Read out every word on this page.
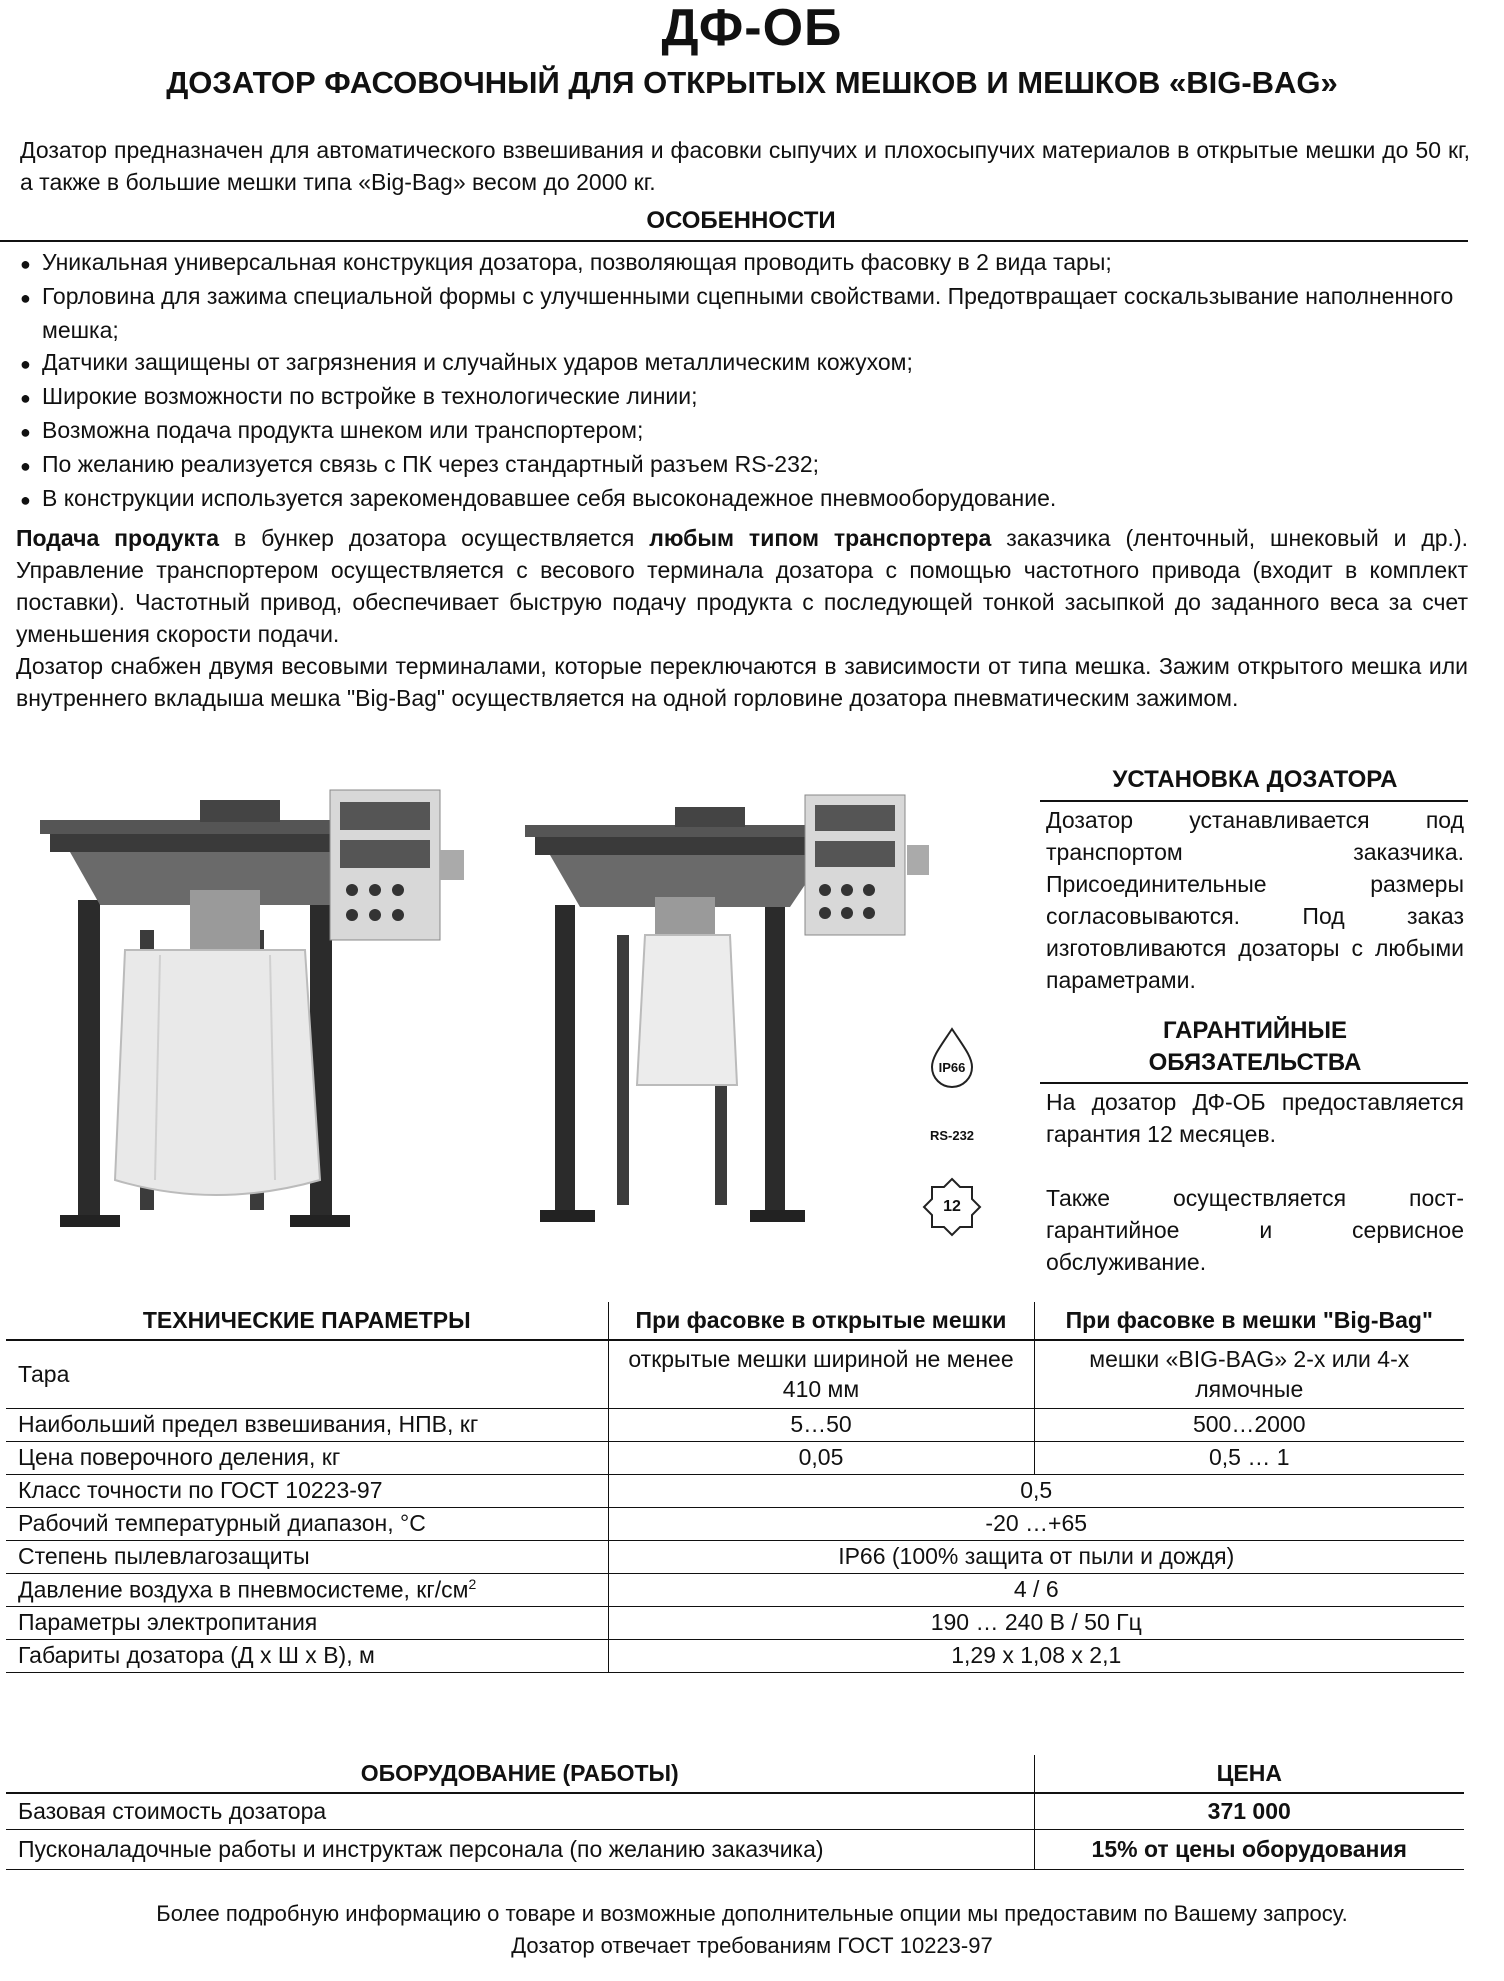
ДФ-ОБ
ДОЗАТОР ФАСОВОЧНЫЙ ДЛЯ ОТКРЫТЫХ МЕШКОВ И МЕШКОВ «BIG-BAG»
Дозатор предназначен для автоматического взвешивания и фасовки сыпучих и плохосыпучих материалов в открытые мешки до 50 кг, а также в большие мешки типа «Big-Bag» весом до 2000 кг.
ОСОБЕННОСТИ
● Уникальная универсальная конструкция дозатора, позволяющая проводить фасовку в 2 вида тары;
● Горловина для зажима специальной формы с улучшенными сцепными свойствами. Предотвращает соскальзывание наполненного мешка;
● Датчики защищены от загрязнения и случайных ударов металлическим кожухом;
● Широкие возможности по встройке в технологические линии;
● Возможна подача продукта шнеком или транспортером;
● По желанию реализуется связь с ПК через стандартный разъем RS-232;
● В конструкции используется зарекомендовавшее себя высоконадежное пневмооборудование.
Подача продукта в бункер дозатора осуществляется любым типом транспортера заказчика (ленточный, шнековый и др.). Управление транспортером осуществляется с весового терминала дозатора с помощью частотного привода (входит в комплект поставки). Частотный привод, обеспечивает быструю подачу продукта с последующей тонкой засыпкой до заданного веса за счет уменьшения скорости подачи.
Дозатор снабжен двумя весовыми терминалами, которые переключаются в зависимости от типа мешка. Зажим открытого мешка или внутреннего вкладыша мешка "Big-Bag" осуществляется на одной горловине дозатора пневматическим зажимом.
IP66
RS-232
12
УСТАНОВКА ДОЗАТОРА
Дозатор устанавливается под транспортом заказчика. Присоединительные размеры согласовываются. Под заказ изготовливаются дозаторы с любыми параметрами.
ГАРАНТИЙНЫЕ
ОБЯЗАТЕЛЬСТВА
На дозатор ДФ-ОБ предоставляется гарантия 12 месяцев.
Также осуществляется пост-гарантийное и сервисное обслуживание.
ТЕХНИЧЕСКИЕ ПАРАМЕТРЫ	При фасовке в открытые мешки	При фасовке в мешки "Big-Bag"
Тара	открытые мешки шириной не менее 410 мм	мешки «BIG-BAG» 2-х или 4-х лямочные
Наибольший предел взвешивания, НПВ, кг	5…50	500…2000
Цена поверочного деления, кг	0,05	0,5 … 1
Класс точности по ГОСТ 10223-97	0,5	
Рабочий температурный диапазон, °С	-20 …+65	
Степень пылевлагозащиты	IP66 (100% защита от пыли и дождя)	
Давление воздуха в пневмосистеме, $кг/см^2$	4 / 6	
Параметры электропитания	190 … 240 В / 50 Гц	
Габариты дозатора (Д х Ш х В), м	1,29 х 1,08 х 2,1	
ОБОРУДОВАНИЕ (РАБОТЫ)	ЦЕНА
Базовая стоимость дозатора	371 000
Пусконаладочные работы и инструктаж персонала (по желанию заказчика)	15% от цены оборудования
Более подробную информацию о товаре и возможные дополнительные опции мы предоставим по Вашему запросу.
Дозатор отвечает требованиям ГОСТ 10223-97
